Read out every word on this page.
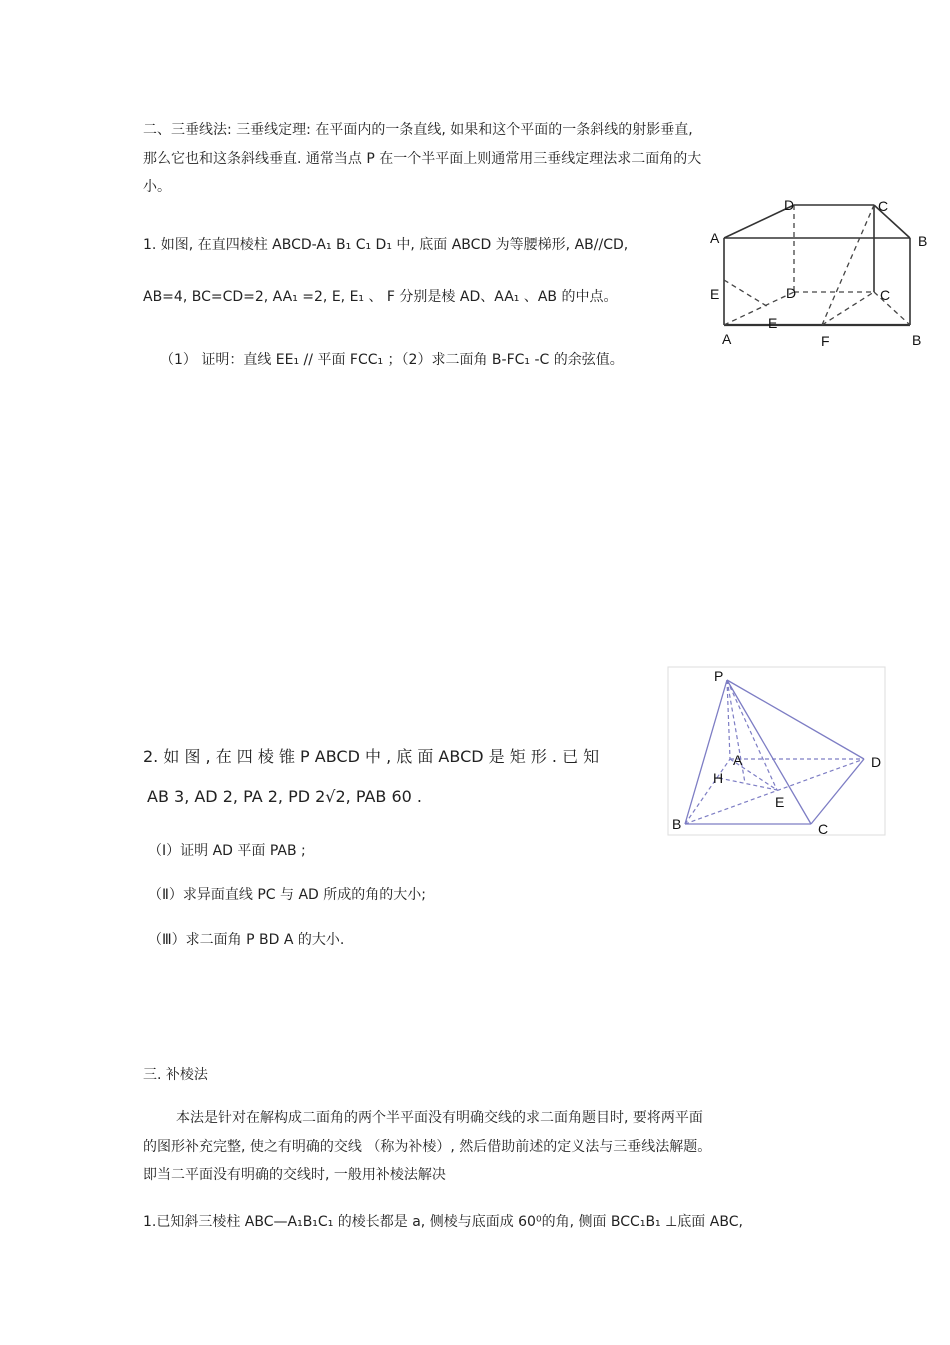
二、三垂线法: 三垂线定理: 在平面内的一条直线, 如果和这个平面的一条斜线的射影垂直,
那么它也和这条斜线垂直. 通常当点 P 在一个半平面上则通常用三垂线定理法求二面角的大
小。
1. 如图, 在直四棱柱 ABCD-A₁ B₁ C₁ D₁ 中, 底面 ABCD 为等腰梯形, AB//CD,
AB=4, BC=CD=2, AA₁ =2, E, E₁ 、 F 分别是棱 AD、AA₁ 、AB 的中点。
（1） 证明：直线 EE₁ // 平面 FCC₁ ；（2）求二面角 B-FC₁ -C 的余弦值。
D	C
A	B
E	D	C
E
A	F	B
P
A	D
H
E
B	C
2. 如 图 , 在 四 棱 锥 P ABCD 中 , 底 面 ABCD 是 矩 形 . 已 知
AB 3, AD 2, PA 2, PD 2√2, PAB 60 .
（Ⅰ）证明 AD 平面 PAB ;
（Ⅱ）求异面直线 PC 与 AD 所成的角的大小;
（Ⅲ）求二面角 P BD A 的大小.
三. 补棱法
本法是针对在解构成二面角的两个半平面没有明确交线的求二面角题目时, 要将两平面
的图形补充完整, 使之有明确的交线 （称为补棱）, 然后借助前述的定义法与三垂线法解题。
即当二平面没有明确的交线时, 一般用补棱法解决
1.已知斜三棱柱 ABC—A₁B₁C₁ 的棱长都是 a, 侧棱与底面成 60⁰的角, 侧面 BCC₁B₁ ⊥底面 ABC,
